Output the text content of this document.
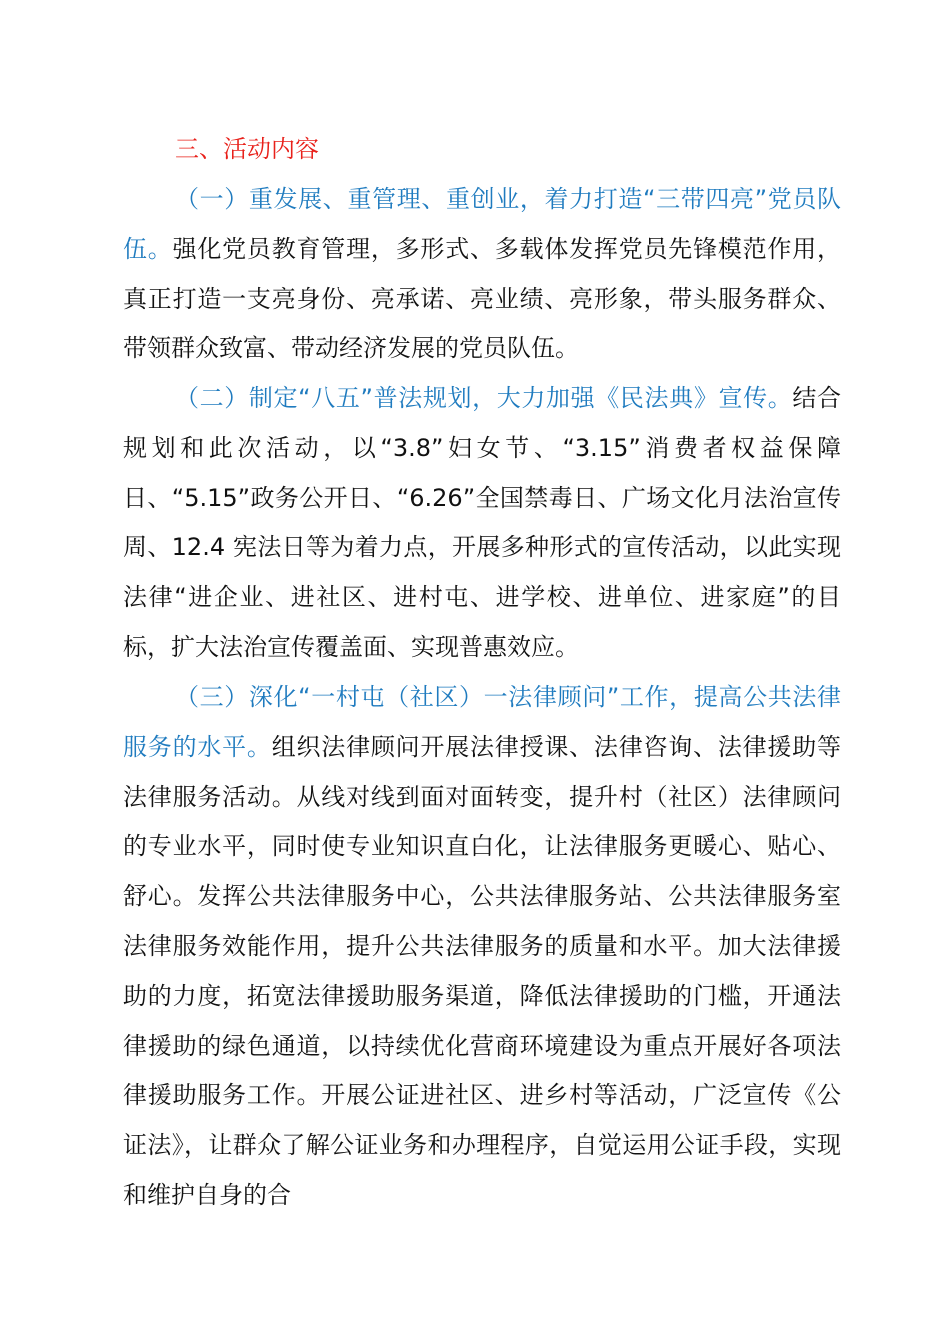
三、活动内容

（一）重发展、重管理、重创业，着力打造“三带四亮”党员队伍。强化党员教育管理，多形式、多载体发挥党员先锋模范作用，真正打造一支亮身份、亮承诺、亮业绩、亮形象，带头服务群众、带领群众致富、带动经济发展的党员队伍。

（二）制定“八五”普法规划，大力加强《民法典》宣传。结合规划和此次活动，以“3.8”妇女节、“3.15”消费者权益保障日、“5.15”政务公开日、“6.26”全国禁毒日、广场文化月法治宣传周、12.4 宪法日等为着力点，开展多种形式的宣传活动，以此实现法律“进企业、进社区、进村屯、进学校、进单位、进家庭”的目标，扩大法治宣传覆盖面、实现普惠效应。

（三）深化“一村屯（社区）一法律顾问”工作，提高公共法律服务的水平。组织法律顾问开展法律授课、法律咨询、法律援助等法律服务活动。从线对线到面对面转变，提升村（社区）法律顾问的专业水平，同时使专业知识直白化，让法律服务更暖心、贴心、舒心。发挥公共法律服务中心，公共法律服务站、公共法律服务室法律服务效能作用，提升公共法律服务的质量和水平。加大法律援助的力度，拓宽法律援助服务渠道，降低法律援助的门槛，开通法律援助的绿色通道，以持续优化营商环境建设为重点开展好各项法律援助服务工作。开展公证进社区、进乡村等活动，广泛宣传《公证法》，让群众了解公证业务和办理程序，自觉运用公证手段，实现和维护自身的合
